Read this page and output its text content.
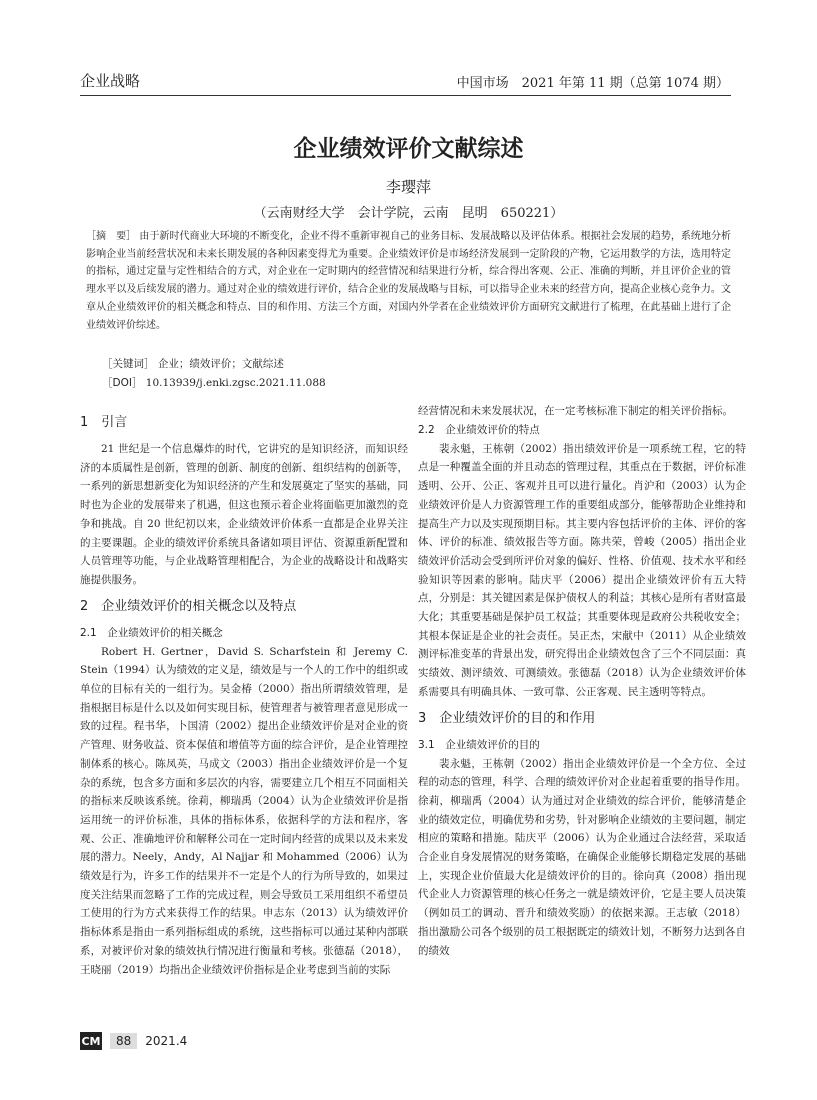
企业战略	中国市场　2021 年第 11 期（总第 1074 期）
企业绩效评价文献综述
李璎萍
（云南财经大学　会计学院，云南　昆明　650221）
［摘　要］ 由于新时代商业大环境的不断变化，企业不得不重新审视自己的业务目标、发展战略以及评估体系。根据社会发展的趋势，系统地分析影响企业当前经营状况和未来长期发展的各种因素变得尤为重要。企业绩效评价是市场经济发展到一定阶段的产物，它运用数学的方法，选用特定的指标，通过定量与定性相结合的方式，对企业在一定时期内的经营情况和结果进行分析，综合得出客观、公正、准确的判断，并且评价企业的管理水平以及后续发展的潜力。通过对企业的绩效进行评价，结合企业的发展战略与目标，可以指导企业未来的经营方向，提高企业核心竞争力。文章从企业绩效评价的相关概念和特点、目的和作用、方法三个方面，对国内外学者在企业绩效评价方面研究文献进行了梳理，在此基础上进行了企业绩效评价综述。
［关键词］ 企业；绩效评价；文献综述
［DOI］ 10.13939/j.enki.zgsc.2021.11.088
1　引言

21 世纪是一个信息爆炸的时代，它讲究的是知识经济，而知识经济的本质属性是创新，管理的创新、制度的创新、组织结构的创新等，一系列的新思想新变化为知识经济的产生和发展奠定了坚实的基础，同时也为企业的发展带来了机遇，但这也预示着企业将面临更加激烈的竞争和挑战。自 20 世纪初以来，企业绩效评价体系一直都是企业界关注的主要课题。企业的绩效评价系统具备诸如项目评估、资源重新配置和人员管理等功能，与企业战略管理相配合，为企业的战略设计和战略实施提供服务。

2　企业绩效评价的相关概念以及特点
2.1　企业绩效评价的相关概念

Robert H. Gertner，David S. Scharfstein 和 Jeremy C. Stein（1994）认为绩效的定义是，绩效是与一个人的工作中的组织或单位的目标有关的一组行为。吴金椿（2000）指出所谓绩效管理，是指根据目标是什么以及如何实现目标，使管理者与被管理者意见形成一致的过程。程书华，卜国清（2002）提出企业绩效评价是对企业的资产管理、财务收益、资本保值和增值等方面的综合评价，是企业管理控制体系的核心。陈凤英，马成文（2003）指出企业绩效评价是一个复杂的系统，包含多方面和多层次的内容，需要建立几个相互不同面相关的指标来反映该系统。徐莉，柳瑞禹（2004）认为企业绩效评价是指运用统一的评价标准，具体的指标体系，依据科学的方法和程序，客观、公正、准确地评价和解释公司在一定时间内经营的成果以及未来发展的潜力。Neely，Andy，Al Najjar 和 Mohammed（2006）认为绩效是行为，许多工作的结果并不一定是个人的行为所导致的，如果过度关注结果而忽略了工作的完成过程，则会导致员工采用组织不希望员工使用的行为方式来获得工作的结果。申志东（2013）认为绩效评价指标体系是指由一系列指标组成的系统，这些指标可以通过某种内部联系，对被评价对象的绩效执行情况进行衡量和考核。张德磊（2018），王晓丽（2019）均指出企业绩效评价指标是企业考虑到当前的实际

经营情况和未来发展状况，在一定考核标准下制定的相关评价指标。

2.2　企业绩效评价的特点

裴永魁，王栋朝（2002）指出绩效评价是一项系统工程，它的特点是一种覆盖全面的并且动态的管理过程，其重点在于数据，评价标准透明、公开、公正、客观并且可以进行量化。肖沪和（2003）认为企业绩效评价是人力资源管理工作的重要组成部分，能够帮助企业维持和提高生产力以及实现预期目标。其主要内容包括评价的主体、评价的客体、评价的标准、绩效报告等方面。陈共荣，曾峻（2005）指出企业绩效评价活动会受到所评价对象的偏好、性格、价值观、技术水平和经验知识等因素的影响。陆庆平（2006）提出企业绩效评价有五大特点，分别是：其关键因素是保护债权人的利益；其核心是所有者财富最大化；其重要基础是保护员工权益；其重要体现是政府公共税收安全；其根本保证是企业的社会责任。吴正杰，宋献中（2011）从企业绩效测评标准变革的背景出发，研究得出企业绩效包含了三个不同层面：真实绩效、测评绩效、可测绩效。张德磊（2018）认为企业绩效评价体系需要具有明确具体、一致可靠、公正客观、民主透明等特点。

3　企业绩效评价的目的和作用
3.1　企业绩效评价的目的

裴永魁，王栋朝（2002）指出企业绩效评价是一个全方位、全过程的动态的管理，科学、合理的绩效评价对企业起着重要的指导作用。徐莉，柳瑞禹（2004）认为通过对企业绩效的综合评价，能够清楚企业的绩效定位，明确优势和劣势，针对影响企业绩效的主要问题，制定相应的策略和措施。陆庆平（2006）认为企业通过合法经营，采取适合企业自身发展情况的财务策略，在确保企业能够长期稳定发展的基础上，实现企业价值最大化是绩效评价的目的。徐向真（2008）指出现代企业人力资源管理的核心任务之一就是绩效评价，它是主要人员决策（例如员工的调动、晋升和绩效奖励）的依据来源。王志敏（2018）指出激励公司各个级别的员工根据既定的绩效计划，不断努力达到各自的绩效

CM	88	2021.4
